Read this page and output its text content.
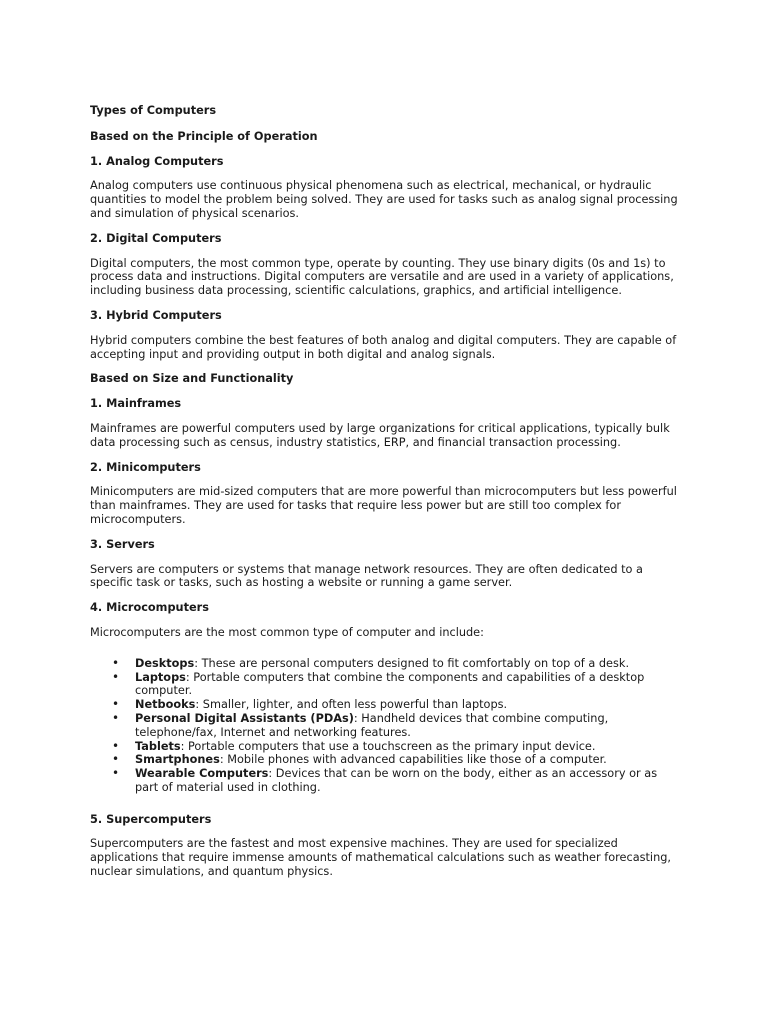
Types of Computers
Based on the Principle of Operation
1. Analog Computers
Analog computers use continuous physical phenomena such as electrical, mechanical, or hydraulic quantities to model the problem being solved. They are used for tasks such as analog signal processing and simulation of physical scenarios.
2. Digital Computers
Digital computers, the most common type, operate by counting. They use binary digits (0s and 1s) to process data and instructions. Digital computers are versatile and are used in a variety of applications, including business data processing, scientific calculations, graphics, and artificial intelligence.
3. Hybrid Computers
Hybrid computers combine the best features of both analog and digital computers. They are capable of accepting input and providing output in both digital and analog signals.
Based on Size and Functionality
1. Mainframes
Mainframes are powerful computers used by large organizations for critical applications, typically bulk data processing such as census, industry statistics, ERP, and financial transaction processing.
2. Minicomputers
Minicomputers are mid-sized computers that are more powerful than microcomputers but less powerful than mainframes. They are used for tasks that require less power but are still too complex for microcomputers.
3. Servers
Servers are computers or systems that manage network resources. They are often dedicated to a specific task or tasks, such as hosting a website or running a game server.
4. Microcomputers
Microcomputers are the most common type of computer and include:
• Desktops: These are personal computers designed to fit comfortably on top of a desk.
• Laptops: Portable computers that combine the components and capabilities of a desktop computer.
• Netbooks: Smaller, lighter, and often less powerful than laptops.
• Personal Digital Assistants (PDAs): Handheld devices that combine computing, telephone/fax, Internet and networking features.
• Tablets: Portable computers that use a touchscreen as the primary input device.
• Smartphones: Mobile phones with advanced capabilities like those of a computer.
• Wearable Computers: Devices that can be worn on the body, either as an accessory or as part of material used in clothing.
5. Supercomputers
Supercomputers are the fastest and most expensive machines. They are used for specialized applications that require immense amounts of mathematical calculations such as weather forecasting, nuclear simulations, and quantum physics.
